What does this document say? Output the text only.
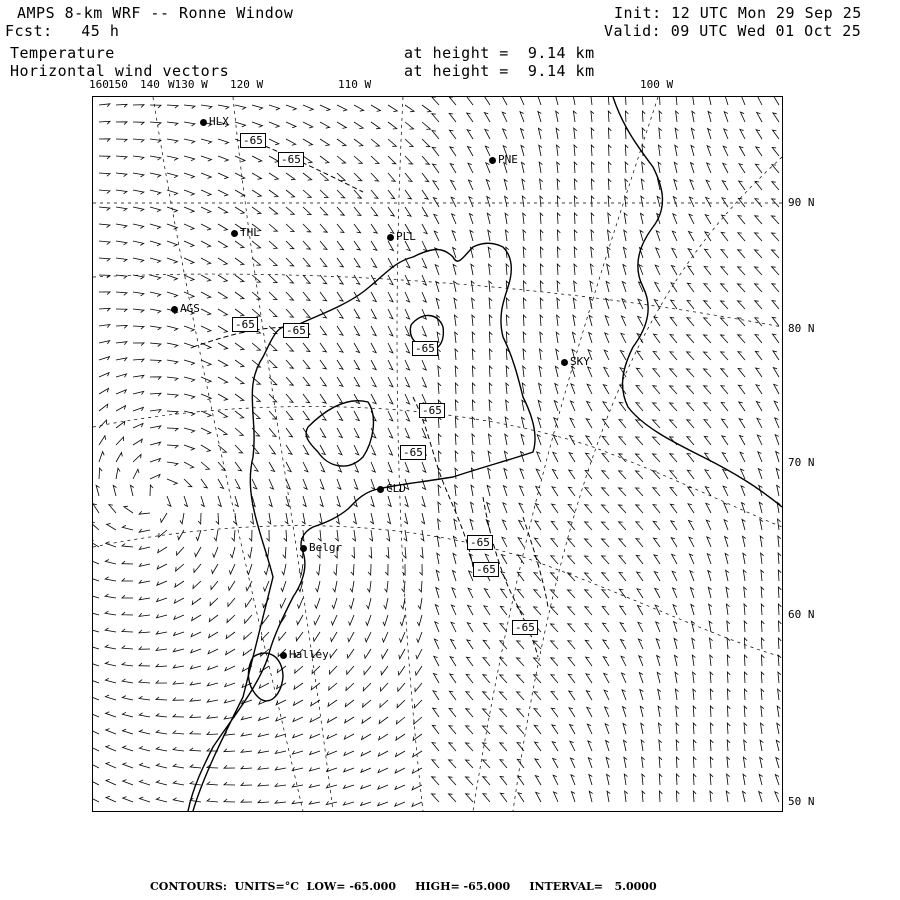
AMPS 8-km WRF -- Ronne Window
Fcst:   45 h
Temperature
Horizontal wind vectors
at height =  9.14 km
at height =  9.14 km
Init: 12 UTC Mon 29 Sep 25
Valid: 09 UTC Wed 01 Oct 25
160 150 140 W130 W 120 W	110 W	100 W
90 N
80 N
70 N
60 N
50 N
HLX
PNE
THL	PLL
AGS
SKY
CLD
Belgr
Halley
-65
-65
-65	-65
-65
-65
-65
-65
-65
-65
CONTOURS:  UNITS=°C  LOW= -65.000     HIGH= -65.000     INTERVAL=   5.0000
